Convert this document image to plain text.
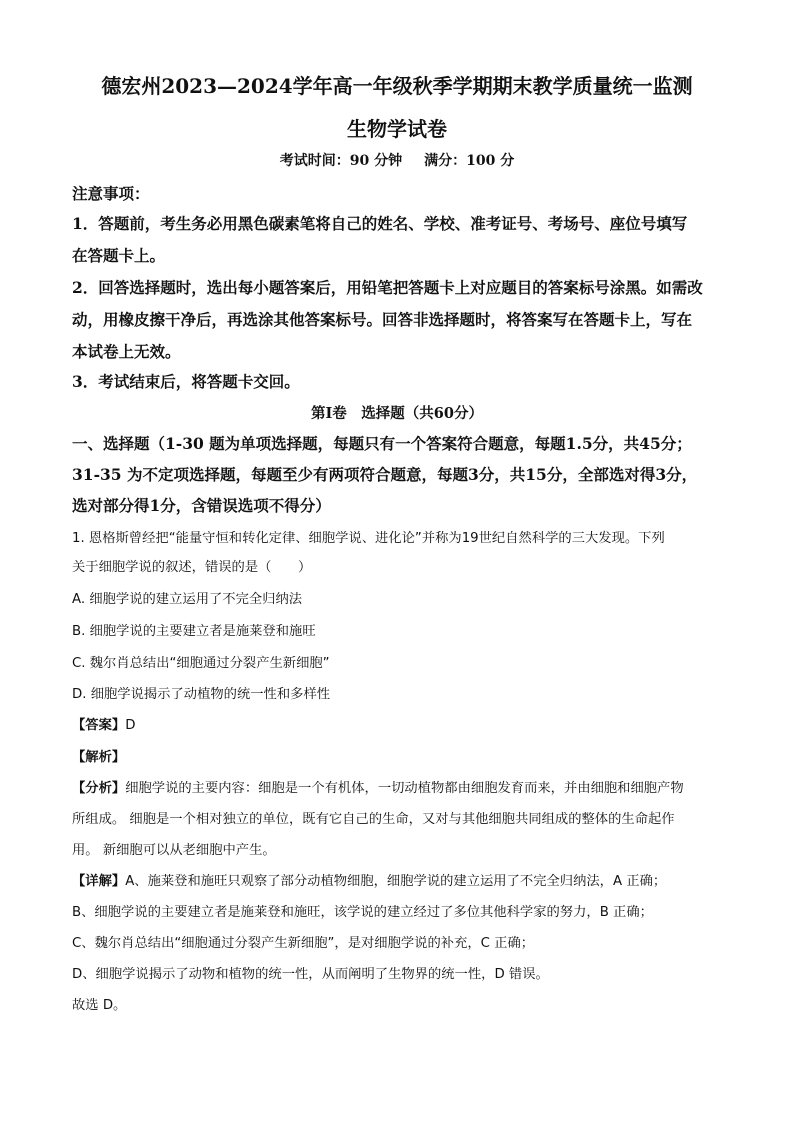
德宏州2023—2024学年高一年级秋季学期期末教学质量统一监测
生物学试卷
考试时间：90 分钟 满分：100 分
注意事项：
1．答题前，考生务必用黑色碳素笔将自己的姓名、学校、准考证号、考场号、座位号填写
在答题卡上。
2．回答选择题时，选出每小题答案后，用铅笔把答题卡上对应题目的答案标号涂黑。如需改
动，用橡皮擦干净后，再选涂其他答案标号。回答非选择题时，将答案写在答题卡上，写在
本试卷上无效。
3．考试结束后，将答题卡交回。
第Ⅰ卷　选择题（共60分）
一、选择题（1-30 题为单项选择题，每题只有一个答案符合题意，每题1.5分，共45分；
31-35 为不定项选择题，每题至少有两项符合题意，每题3分，共15分，全部选对得3分，
选对部分得1分，含错误选项不得分）
1. 恩格斯曾经把“能量守恒和转化定律、细胞学说、进化论”并称为19世纪自然科学的三大发现。下列
关于细胞学说的叙述，错误的是（　　）
A. 细胞学说的建立运用了不完全归纳法
B. 细胞学说的主要建立者是施莱登和施旺
C. 魏尔肖总结出“细胞通过分裂产生新细胞”
D. 细胞学说揭示了动植物的统一性和多样性
【答案】D
【解析】
【分析】细胞学说的主要内容：细胞是一个有机体，一切动植物都由细胞发育而来，并由细胞和细胞产物
所组成。 细胞是一个相对独立的单位，既有它自己的生命，又对与其他细胞共同组成的整体的生命起作
用。 新细胞可以从老细胞中产生。
【详解】A、施莱登和施旺只观察了部分动植物细胞，细胞学说的建立运用了不完全归纳法，A 正确；
B、细胞学说的主要建立者是施莱登和施旺，该学说的建立经过了多位其他科学家的努力，B 正确；
C、魏尔肖总结出“细胞通过分裂产生新细胞”，是对细胞学说的补充，C 正确；
D、细胞学说揭示了动物和植物的统一性，从而阐明了生物界的统一性，D 错误。
故选 D。
